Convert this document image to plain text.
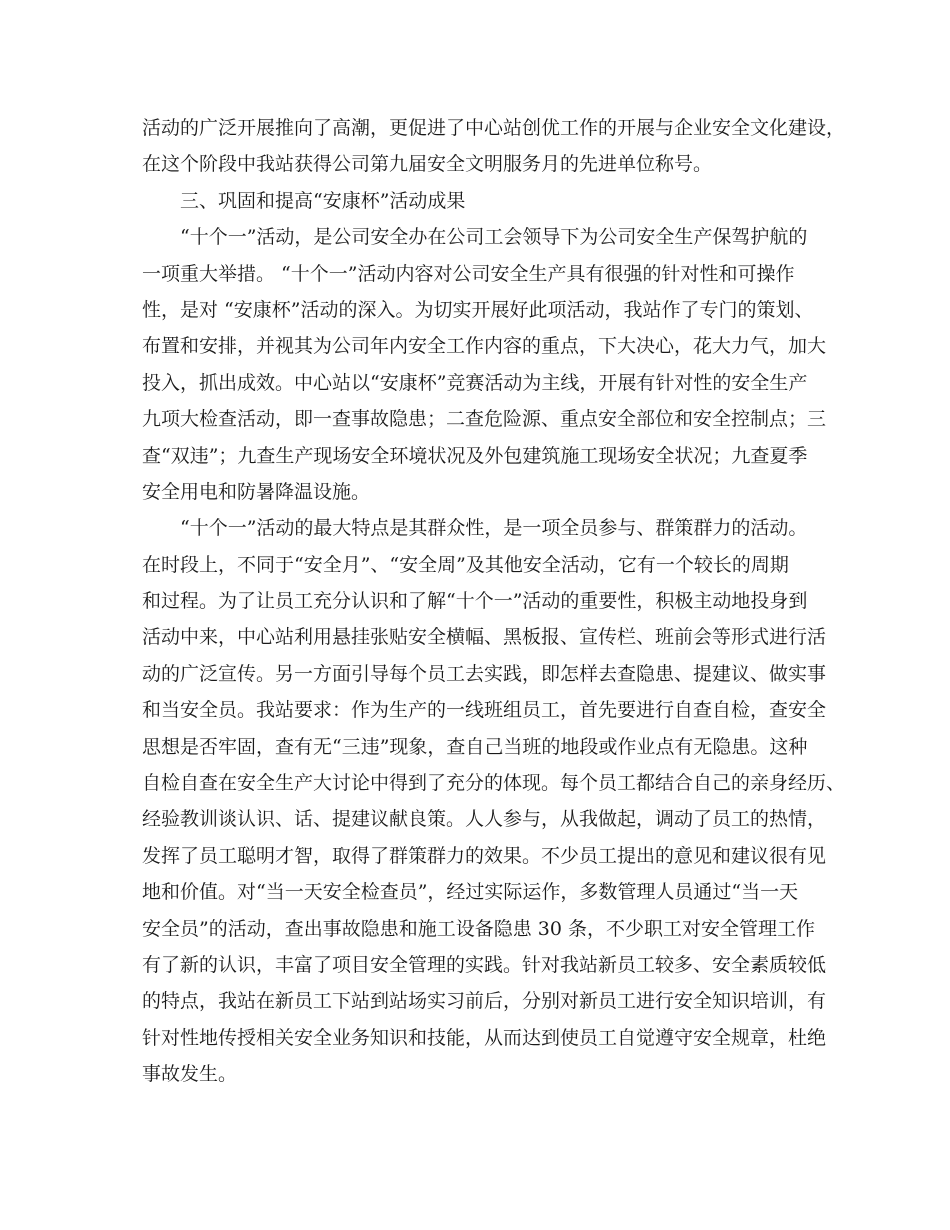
活动的广泛开展推向了高潮，更促进了中心站创优工作的开展与企业安全文化建设，

在这个阶段中我站获得公司第九届安全文明服务月的先进单位称号。

三、巩固和提高“安康杯”活动成果

“十个一”活动，是公司安全办在公司工会领导下为公司安全生产保驾护航的

一项重大举措。 “十个一”活动内容对公司安全生产具有很强的针对性和可操作

性，是对 “安康杯”活动的深入。为切实开展好此项活动，我站作了专门的策划、

布置和安排，并视其为公司年内安全工作内容的重点，下大决心，花大力气，加大

投入，抓出成效。中心站以“安康杯”竞赛活动为主线，开展有针对性的安全生产

九项大检查活动，即一查事故隐患；二查危险源、重点安全部位和安全控制点；三

查“双违”；九查生产现场安全环境状况及外包建筑施工现场安全状况；九查夏季

安全用电和防暑降温设施。

“十个一”活动的最大特点是其群众性，是一项全员参与、群策群力的活动。

在时段上，不同于“安全月”、“安全周”及其他安全活动，它有一个较长的周期

和过程。为了让员工充分认识和了解“十个一”活动的重要性，积极主动地投身到

活动中来，中心站利用悬挂张贴安全横幅、黑板报、宣传栏、班前会等形式进行活

动的广泛宣传。另一方面引导每个员工去实践，即怎样去查隐患、提建议、做实事

和当安全员。我站要求：作为生产的一线班组员工，首先要进行自查自检，查安全

思想是否牢固，查有无“三违”现象，查自己当班的地段或作业点有无隐患。这种

自检自查在安全生产大讨论中得到了充分的体现。每个员工都结合自己的亲身经历、

经验教训谈认识、话、提建议献良策。人人参与，从我做起，调动了员工的热情，

发挥了员工聪明才智，取得了群策群力的效果。不少员工提出的意见和建议很有见

地和价值。对“当一天安全检查员”，经过实际运作，多数管理人员通过“当一天

安全员”的活动，查出事故隐患和施工设备隐患 30 条，不少职工对安全管理工作

有了新的认识，丰富了项目安全管理的实践。针对我站新员工较多、安全素质较低

的特点，我站在新员工下站到站场实习前后，分别对新员工进行安全知识培训，有

针对性地传授相关安全业务知识和技能，从而达到使员工自觉遵守安全规章，杜绝

事故发生。
